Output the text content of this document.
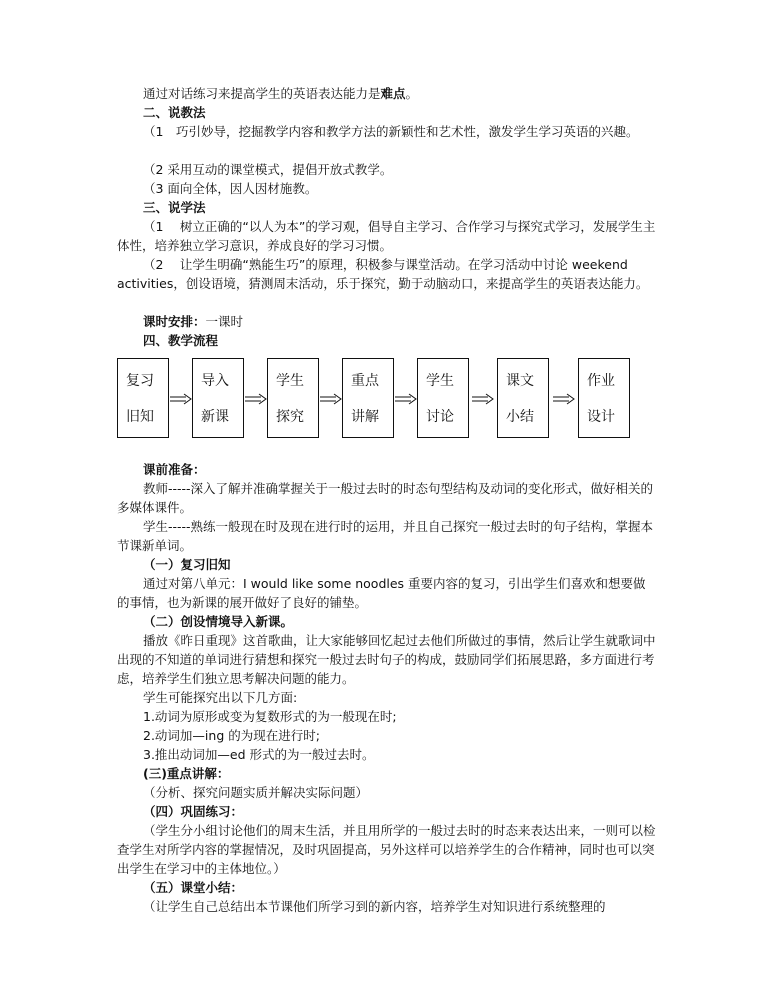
通过对话练习来提高学生的英语表达能力是难点。

二、说教法

（1　巧引妙导，挖掘教学内容和教学方法的新颖性和艺术性，激发学生学习英语的兴趣。

（2 采用互动的课堂模式，提倡开放式教学。

（3 面向全体，因人因材施教。

三、说学法

（1　 树立正确的“以人为本”的学习观，倡导自主学习、合作学习与探究式学习，发展学生主体性，培养独立学习意识，养成良好的学习习惯。

（2　 让学生明确“熟能生巧”的原理，积极参与课堂活动。在学习活动中讨论 weekend activities，创设语境，猜测周末活动，乐于探究，勤于动脑动口，来提高学生的英语表达能力。

课时安排：一课时

四、教学流程

复习
旧知
导入
新课
学生
探究
重点
讲解
学生
讨论
课文
小结
作业
设计

课前准备：

教师-----深入了解并准确掌握关于一般过去时的时态句型结构及动词的变化形式，做好相关的多媒体课件。

学生-----熟练一般现在时及现在进行时的运用，并且自己探究一般过去时的句子结构，掌握本节课新单词。

（一）复习旧知

通过对第八单元：I would like some noodles 重要内容的复习，引出学生们喜欢和想要做的事情，也为新课的展开做好了良好的铺垫。

（二）创设情境导入新课。

播放《昨日重现》这首歌曲，让大家能够回忆起过去他们所做过的事情，然后让学生就歌词中出现的不知道的单词进行猜想和探究一般过去时句子的构成，鼓励同学们拓展思路，多方面进行考虑，培养学生们独立思考解决问题的能力。

学生可能探究出以下几方面:

1.动词为原形或变为复数形式的为一般现在时;

2.动词加—ing 的为现在进行时;

3.推出动词加—ed 形式的为一般过去时。

(三)重点讲解：

（分析、探究问题实质并解决实际问题）

（四）巩固练习：

（学生分小组讨论他们的周末生活，并且用所学的一般过去时的时态来表达出来，一则可以检查学生对所学内容的掌握情况，及时巩固提高，另外这样可以培养学生的合作精神，同时也可以突出学生在学习中的主体地位。）

（五）课堂小结：

（让学生自己总结出本节课他们所学习到的新内容，培养学生对知识进行系统整理的
